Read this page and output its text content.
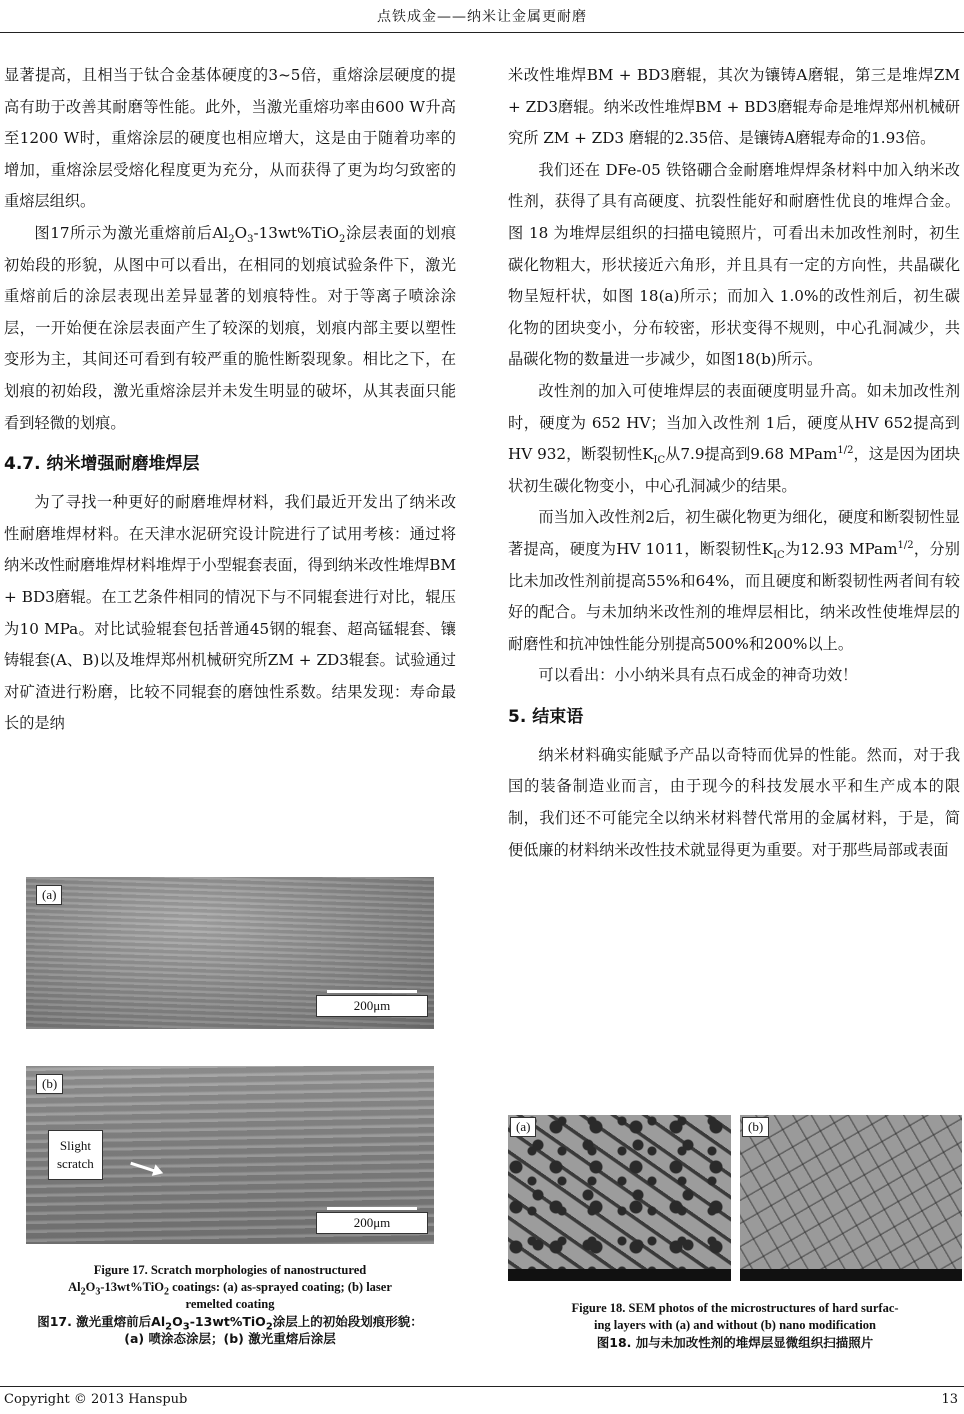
点铁成金——纳米让金属更耐磨

显著提高，且相当于钛合金基体硬度的3~5倍，重熔涂层硬度的提高有助于改善其耐磨等性能。此外，当激光重熔功率由600 W升高至1200 W时，重熔涂层的硬度也相应增大，这是由于随着功率的增加，重熔涂层受熔化程度更为充分，从而获得了更为均匀致密的重熔层组织。

图17所示为激光重熔前后$Al_2O_3-13wt\%TiO_2$涂层表面的划痕初始段的形貌，从图中可以看出，在相同的划痕试验条件下，激光重熔前后的涂层表现出差异显著的划痕特性。对于等离子喷涂涂层，一开始便在涂层表面产生了较深的划痕，划痕内部主要以塑性变形为主，其间还可看到有较严重的脆性断裂现象。相比之下，在划痕的初始段，激光重熔涂层并未发生明显的破坏，从其表面只能看到轻微的划痕。

4.7. 纳米增强耐磨堆焊层

为了寻找一种更好的耐磨堆焊材料，我们最近开发出了纳米改性耐磨堆焊材料。在天津水泥研究设计院进行了试用考核：通过将纳米改性耐磨堆焊材料堆焊于小型辊套表面，得到纳米改性堆焊BM + BD3磨辊。在工艺条件相同的情况下与不同辊套进行对比，辊压为10 MPa。对比试验辊套包括普通45钢的辊套、超高锰辊套、镶铸辊套(A、B)以及堆焊郑州机械研究所ZM + ZD3辊套。试验通过对矿渣进行粉磨，比较不同辊套的磨蚀性系数。结果发现：寿命最长的是纳

(a)
200μm
(b)
Slight
scratch
200μm
Figure 17. Scratch morphologies of nanostructured
$Al_2O_3-13wt\%TiO_2$ coatings: (a) as-sprayed coating; (b) laser
remelted coating
图17. 激光重熔前后$Al_2O_3-13wt\%TiO_2$涂层上的初始段划痕形貌：
(a) 喷涂态涂层；(b) 激光重熔后涂层

米改性堆焊BM + BD3磨辊，其次为镶铸A磨辊，第三是堆焊ZM + ZD3磨辊。纳米改性堆焊BM + BD3磨辊寿命是堆焊郑州机械研究所 ZM + ZD3 磨辊的2.35倍、是镶铸A磨辊寿命的1.93倍。

我们还在 DFe-05 铁铬硼合金耐磨堆焊焊条材料中加入纳米改性剂，获得了具有高硬度、抗裂性能好和耐磨性优良的堆焊合金。图 18 为堆焊层组织的扫描电镜照片，可看出未加改性剂时，初生碳化物粗大，形状接近六角形，并且具有一定的方向性，共晶碳化物呈短杆状，如图 18(a)所示；而加入 1.0%的改性剂后，初生碳化物的团块变小，分布较密，形状变得不规则，中心孔洞减少，共晶碳化物的数量进一步减少，如图18(b)所示。

改性剂的加入可使堆焊层的表面硬度明显升高。如未加改性剂时，硬度为 652 HV；当加入改性剂 1后，硬度从HV 652提高到HV 932，断裂韧性$K_{IC}$从7.9提高到9.68 MPam$^{1/2}$，这是因为团块状初生碳化物变小，中心孔洞减少的结果。

而当加入改性剂2后，初生碳化物更为细化，硬度和断裂韧性显著提高，硬度为HV 1011，断裂韧性$K_{IC}$为12.93 MPam$^{1/2}$，分别比未加改性剂前提高55%和64%，而且硬度和断裂韧性两者间有较好的配合。与未加纳米改性剂的堆焊层相比，纳米改性使堆焊层的耐磨性和抗冲蚀性能分别提高500%和200%以上。

可以看出：小小纳米具有点石成金的神奇功效！

5. 结束语

纳米材料确实能赋予产品以奇特而优异的性能。然而，对于我国的装备制造业而言，由于现今的科技发展水平和生产成本的限制，我们还不可能完全以纳米材料替代常用的金属材料，于是，简便低廉的材料纳米改性技术就显得更为重要。对于那些局部或表面

(a)	(b)
Figure 18. SEM photos of the microstructures of hard surfac-
ing layers with (a) and without (b) nano modification
图18. 加与未加改性剂的堆焊层显微组织扫描照片
Copyright © 2013 Hanspub	13
